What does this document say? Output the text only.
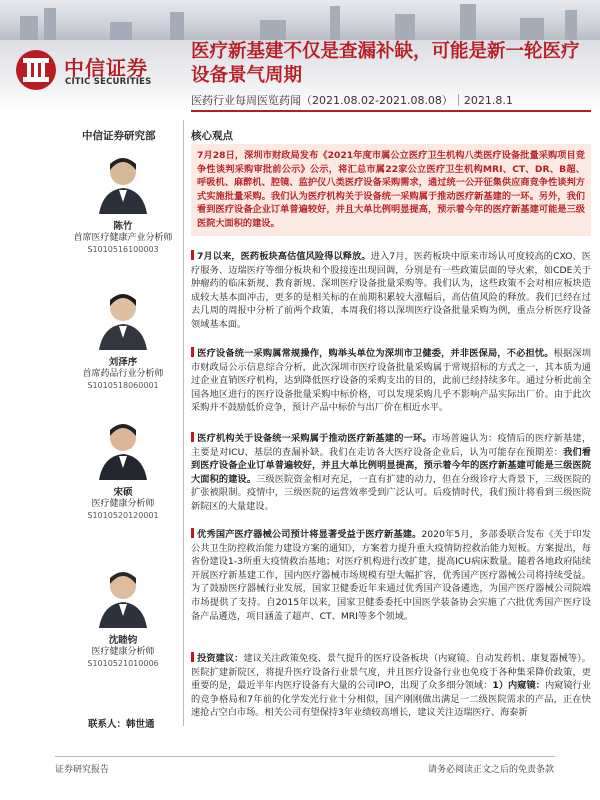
中信证券
CITIC SECURITIES
医疗新基建不仅是查漏补缺，可能是新一轮医疗设备景气周期
医药行业每周医览药闻（2021.08.02-2021.08.08）｜2021.8.1
中信证券研究部	核心观点
陈竹
首席医疗健康产业分析师
S1010516100003
刘泽序
首席药品行业分析师
S1010518060001
宋硕
医疗健康分析师
S1010520120001
沈睦钧
医疗健康分析师
S1010521010006
联系人：韩世通
7月28日，深圳市财政局发布《2021年度市属公立医疗卫生机构八类医疗设备批量采购项目竞争性谈判采购审批前公示》公示，将汇总市属22家公立医疗卫生机构MRI、CT、DR、B超、呼吸机、麻醉机、腔镜、监护仪八类医疗设备采购需求，通过统一公开征集供应商竞争性谈判方式实施批量采购。我们认为医疗机构关于设备统一采购属于推动医疗新基建的一环。另外，我们看到医疗设备企业订单普遍较好，并且大单比例明显提高，预示着今年的医疗新基建可能是三级医院大面积的建设。
7月以来，医药板块高估值风险得以释放。进入7月，医药板块中原来市场认可度较高的CXO、医疗服务、迈瑞医疗等细分板块和个股接连出现回调，分别是有一些政策层面的导火索，如CDE关于肿瘤药的临床新规、教育新规、深圳医疗设备批量采购等。我们认为，这些政策不会对相应板块造成较大基本面冲击，更多的是相关标的在前期积累较大涨幅后，高估值风险的释放。我们已经在过去几周的周报中分析了前两个政策，本周我们将以深圳医疗设备批量采购为例，重点分析医疗设备领域基本面。
医疗设备统一采购属常规操作，购举头单位为深圳市卫健委，并非医保局，不必担忧。根据深圳市财政局公示信息综合分析，此次深圳市医疗设备批量采购属于常规招标的方式之一，其本质为通过企业直销医疗机构，达到降低医疗设备的采购支出的目的，此前已经持续多年。通过分析此前全国各地区进行的医疗设备批量采购中标价格，可以发现采购几乎不影响产品实际出厂价。由于此次采购并不鼓励低价竞争，预计产品中标价与出厂价在相近水平。
医疗机构关于设备统一采购属于推动医疗新基建的一环。市场普遍认为：疫情后的医疗新基建，主要是对ICU、基层的查漏补缺。我们在走访各大医疗设备企业后，认为可能存在预期差：我们看到医疗设备企业订单普遍较好，并且大单比例明显提高，预示着今年的医疗新基建可能是三级医院大面积的建设。三级医院资金相对充足，一直有扩建的动力，但在分级诊疗大背景下，三级医院的扩张被限制。疫情中，三级医院的运营效率受到广泛认可。后疫情时代，我们预计将看到三级医院新院区的大量建设。
优秀国产医疗器械公司预计将显著受益于医疗新基建。2020年5月，多部委联合发布《关于印发公共卫生防控救治能力建设方案的通知》，方案着力提升重大疫情防控救治能力短板。方案提出，每省份建设1-3所重大疫情救治基地；对医疗机构进行改扩建，提高ICU病床数量。随着各地政府陆续开展医疗新基建工作，国内医疗器械市场规模有望大幅扩容，优秀国产医疗器械公司将持续受益。为了鼓励医疗器械行业发展，国家卫健委近年来通过优秀国产设备遴选，为国产医疗器械公司院端市场提供了支持。自2015年以来，国家卫健委委托中国医学装备协会实施了六批优秀国产医疗设备产品遴选，项目涵盖了超声、CT、MRI等多个领域。
投资建议：建议关注政策免疫、景气提升的医疗设备板块（内窥镜、自动发药机、康复器械等）。医院扩建新院区，将提升医疗设备行业景气度，并且医疗设备行业也免疫于各种集采降价政策，更重要的是，最近半年内医疗设备有大量的公司IPO，出现了众多细分领域：1）内窥镜：内窥镜行业的竞争格局和7年前的化学发光行业十分相似，国产刚刚做出满足一二级医院需求的产品，正在快速抢占空白市场。相关公司有望保持3年业绩较高增长，建议关注迈瑞医疗、海泰新
证券研究报告	请务必阅读正文之后的免责条款
